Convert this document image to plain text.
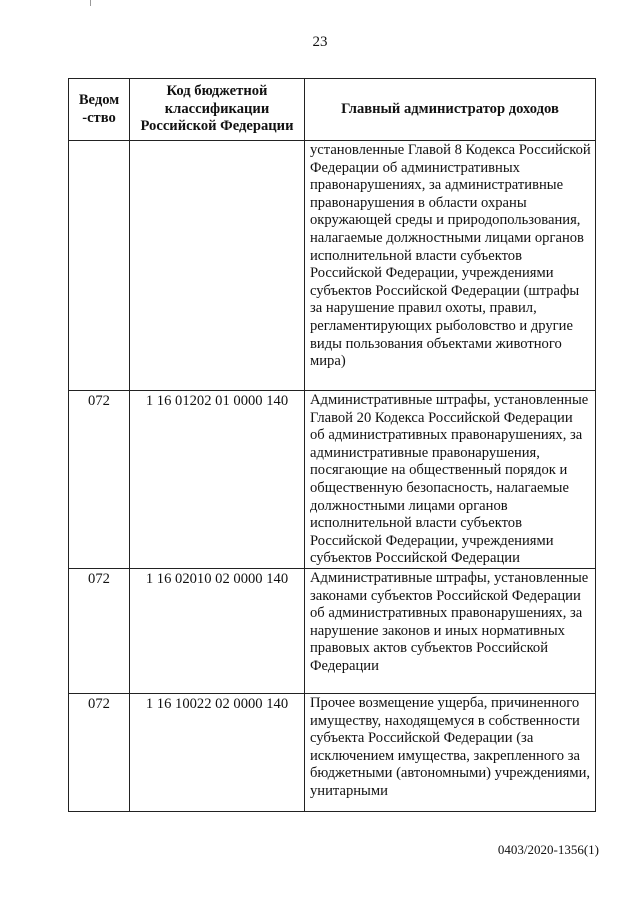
23
Ведом-ство	Код бюджетной классификации Российской Федерации	Главный администратор доходов
		установленные Главой 8 Кодекса Российской Федерации об административных правонарушениях, за административные правонарушения в области охраны окружающей среды и природопользования, налагаемые должностными лицами органов исполнительной власти субъектов Российской Федерации, учреждениями субъектов Российской Федерации (штрафы за нарушение правил охоты, правил, регламентирующих рыболовство и другие виды пользования объектами животного мира)
072	1 16 01202 01 0000 140	Административные штрафы, установленные Главой 20 Кодекса Российской Федерации об административных правонарушениях, за административные правонарушения, посягающие на общественный порядок и общественную безопасность, налагаемые должностными лицами органов исполнительной власти субъектов Российской Федерации, учреждениями субъектов Российской Федерации
072	1 16 02010 02 0000 140	Административные штрафы, установленные законами субъектов Российской Федерации об административных правонарушениях, за нарушение законов и иных нормативных правовых актов субъектов Российской Федерации
072	1 16 10022 02 0000 140	Прочее возмещение ущерба, причиненного имуществу, находящемуся в собственности субъекта Российской Федерации (за исключением имущества, закрепленного за бюджетными (автономными) учреждениями, унитарными
0403/2020-1356(1)
